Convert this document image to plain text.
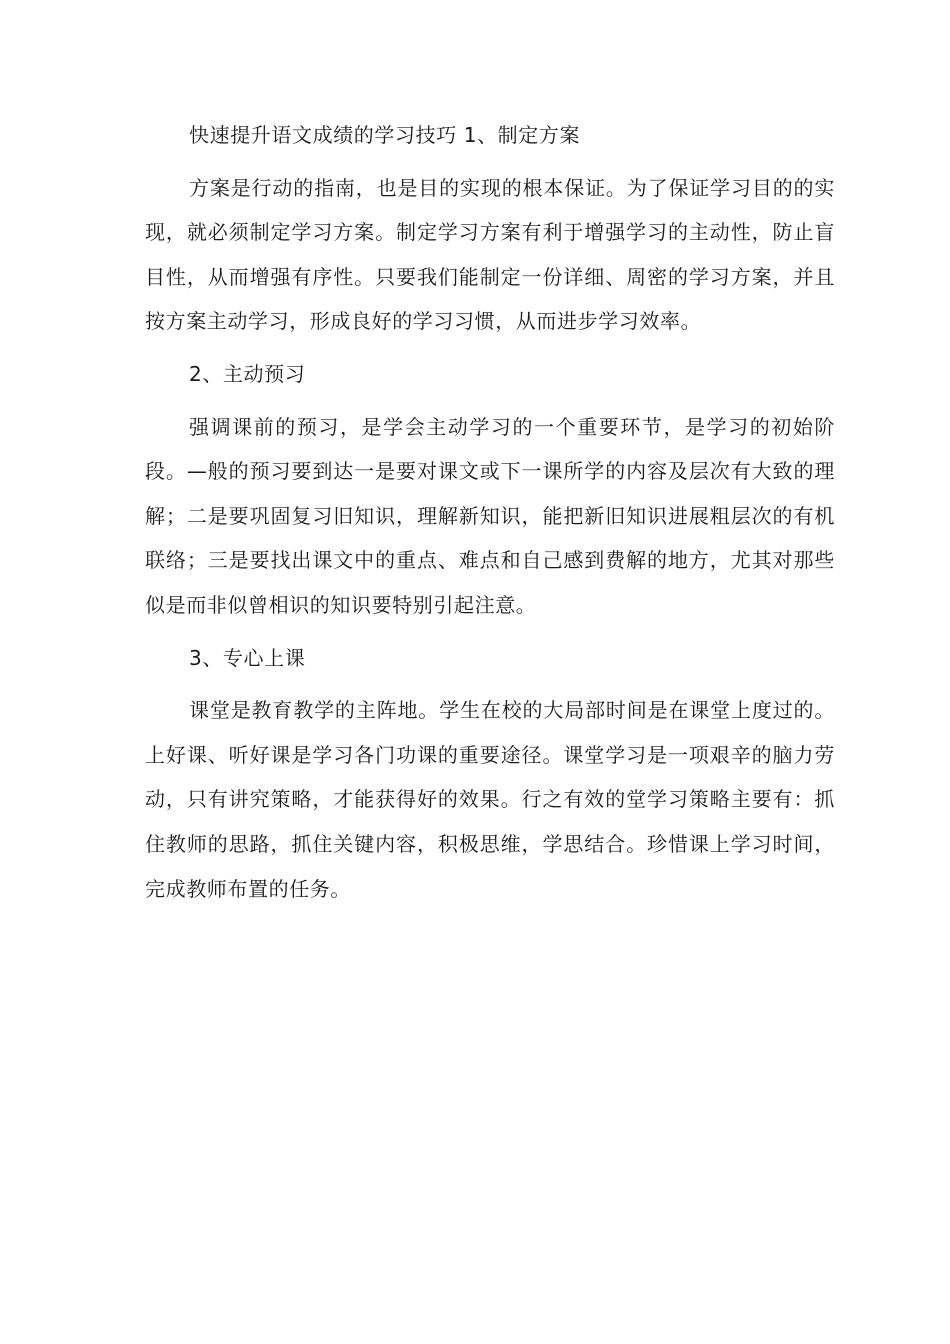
快速提升语文成绩的学习技巧 1、制定方案

方案是行动的指南，也是目的实现的根本保证。为了保证学习目的的实现，就必须制定学习方案。制定学习方案有利于增强学习的主动性，防止盲目性，从而增强有序性。只要我们能制定一份详细、周密的学习方案，并且按方案主动学习，形成良好的学习习惯，从而进步学习效率。

2、主动预习

强调课前的预习，是学会主动学习的一个重要环节，是学习的初始阶段。—般的预习要到达一是要对课文或下一课所学的内容及层次有大致的理解；二是要巩固复习旧知识，理解新知识，能把新旧知识进展粗层次的有机联络；三是要找出课文中的重点、难点和自己感到费解的地方，尤其对那些似是而非似曾相识的知识要特别引起注意。

3、专心上课

课堂是教育教学的主阵地。学生在校的大局部时间是在课堂上度过的。上好课、听好课是学习各门功课的重要途径。课堂学习是一项艰辛的脑力劳动，只有讲究策略，才能获得好的效果。行之有效的堂学习策略主要有：抓住教师的思路，抓住关键内容，积极思维，学思结合。珍惜课上学习时间，完成教师布置的任务。
